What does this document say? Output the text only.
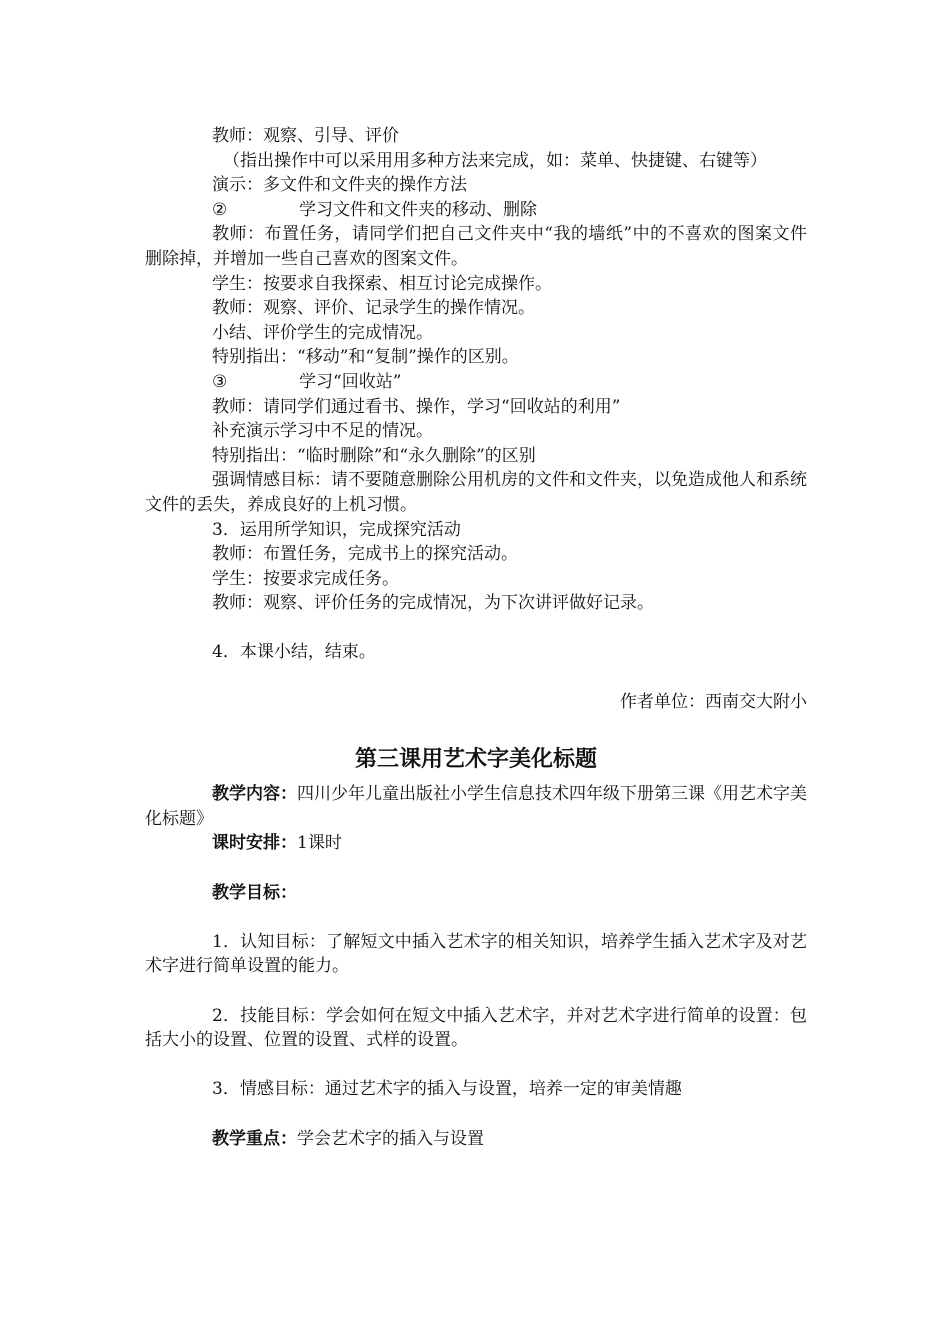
教师：观察、引导、评价

（指出操作中可以采用用多种方法来完成，如：菜单、快捷键、右键等）

演示：多文件和文件夹的操作方法

②	学习文件和文件夹的移动、删除

教师：布置任务，请同学们把自己文件夹中“我的墙纸”中的不喜欢的图案文件删除掉，并增加一些自己喜欢的图案文件。

学生：按要求自我探索、相互讨论完成操作。

教师：观察、评价、记录学生的操作情况。

小结、评价学生的完成情况。

特别指出：“移动”和“复制”操作的区别。

③	学习“回收站”

教师：请同学们通过看书、操作，学习“回收站的利用”

补充演示学习中不足的情况。

特别指出：“临时删除”和“永久删除”的区别

强调情感目标：请不要随意删除公用机房的文件和文件夹，以免造成他人和系统文件的丢失，养成良好的上机习惯。

3．运用所学知识，完成探究活动

教师：布置任务，完成书上的探究活动。

学生：按要求完成任务。

教师：观察、评价任务的完成情况，为下次讲评做好记录。

4．本课小结，结束。

作者单位：西南交大附小

第三课用艺术字美化标题

教学内容：四川少年儿童出版社小学生信息技术四年级下册第三课《用艺术字美化标题》

课时安排：1课时

教学目标：

1．认知目标：了解短文中插入艺术字的相关知识，培养学生插入艺术字及对艺术字进行简单设置的能力。

2．技能目标：学会如何在短文中插入艺术字，并对艺术字进行简单的设置：包括大小的设置、位置的设置、式样的设置。

3．情感目标：通过艺术字的插入与设置，培养一定的审美情趣

教学重点：学会艺术字的插入与设置
